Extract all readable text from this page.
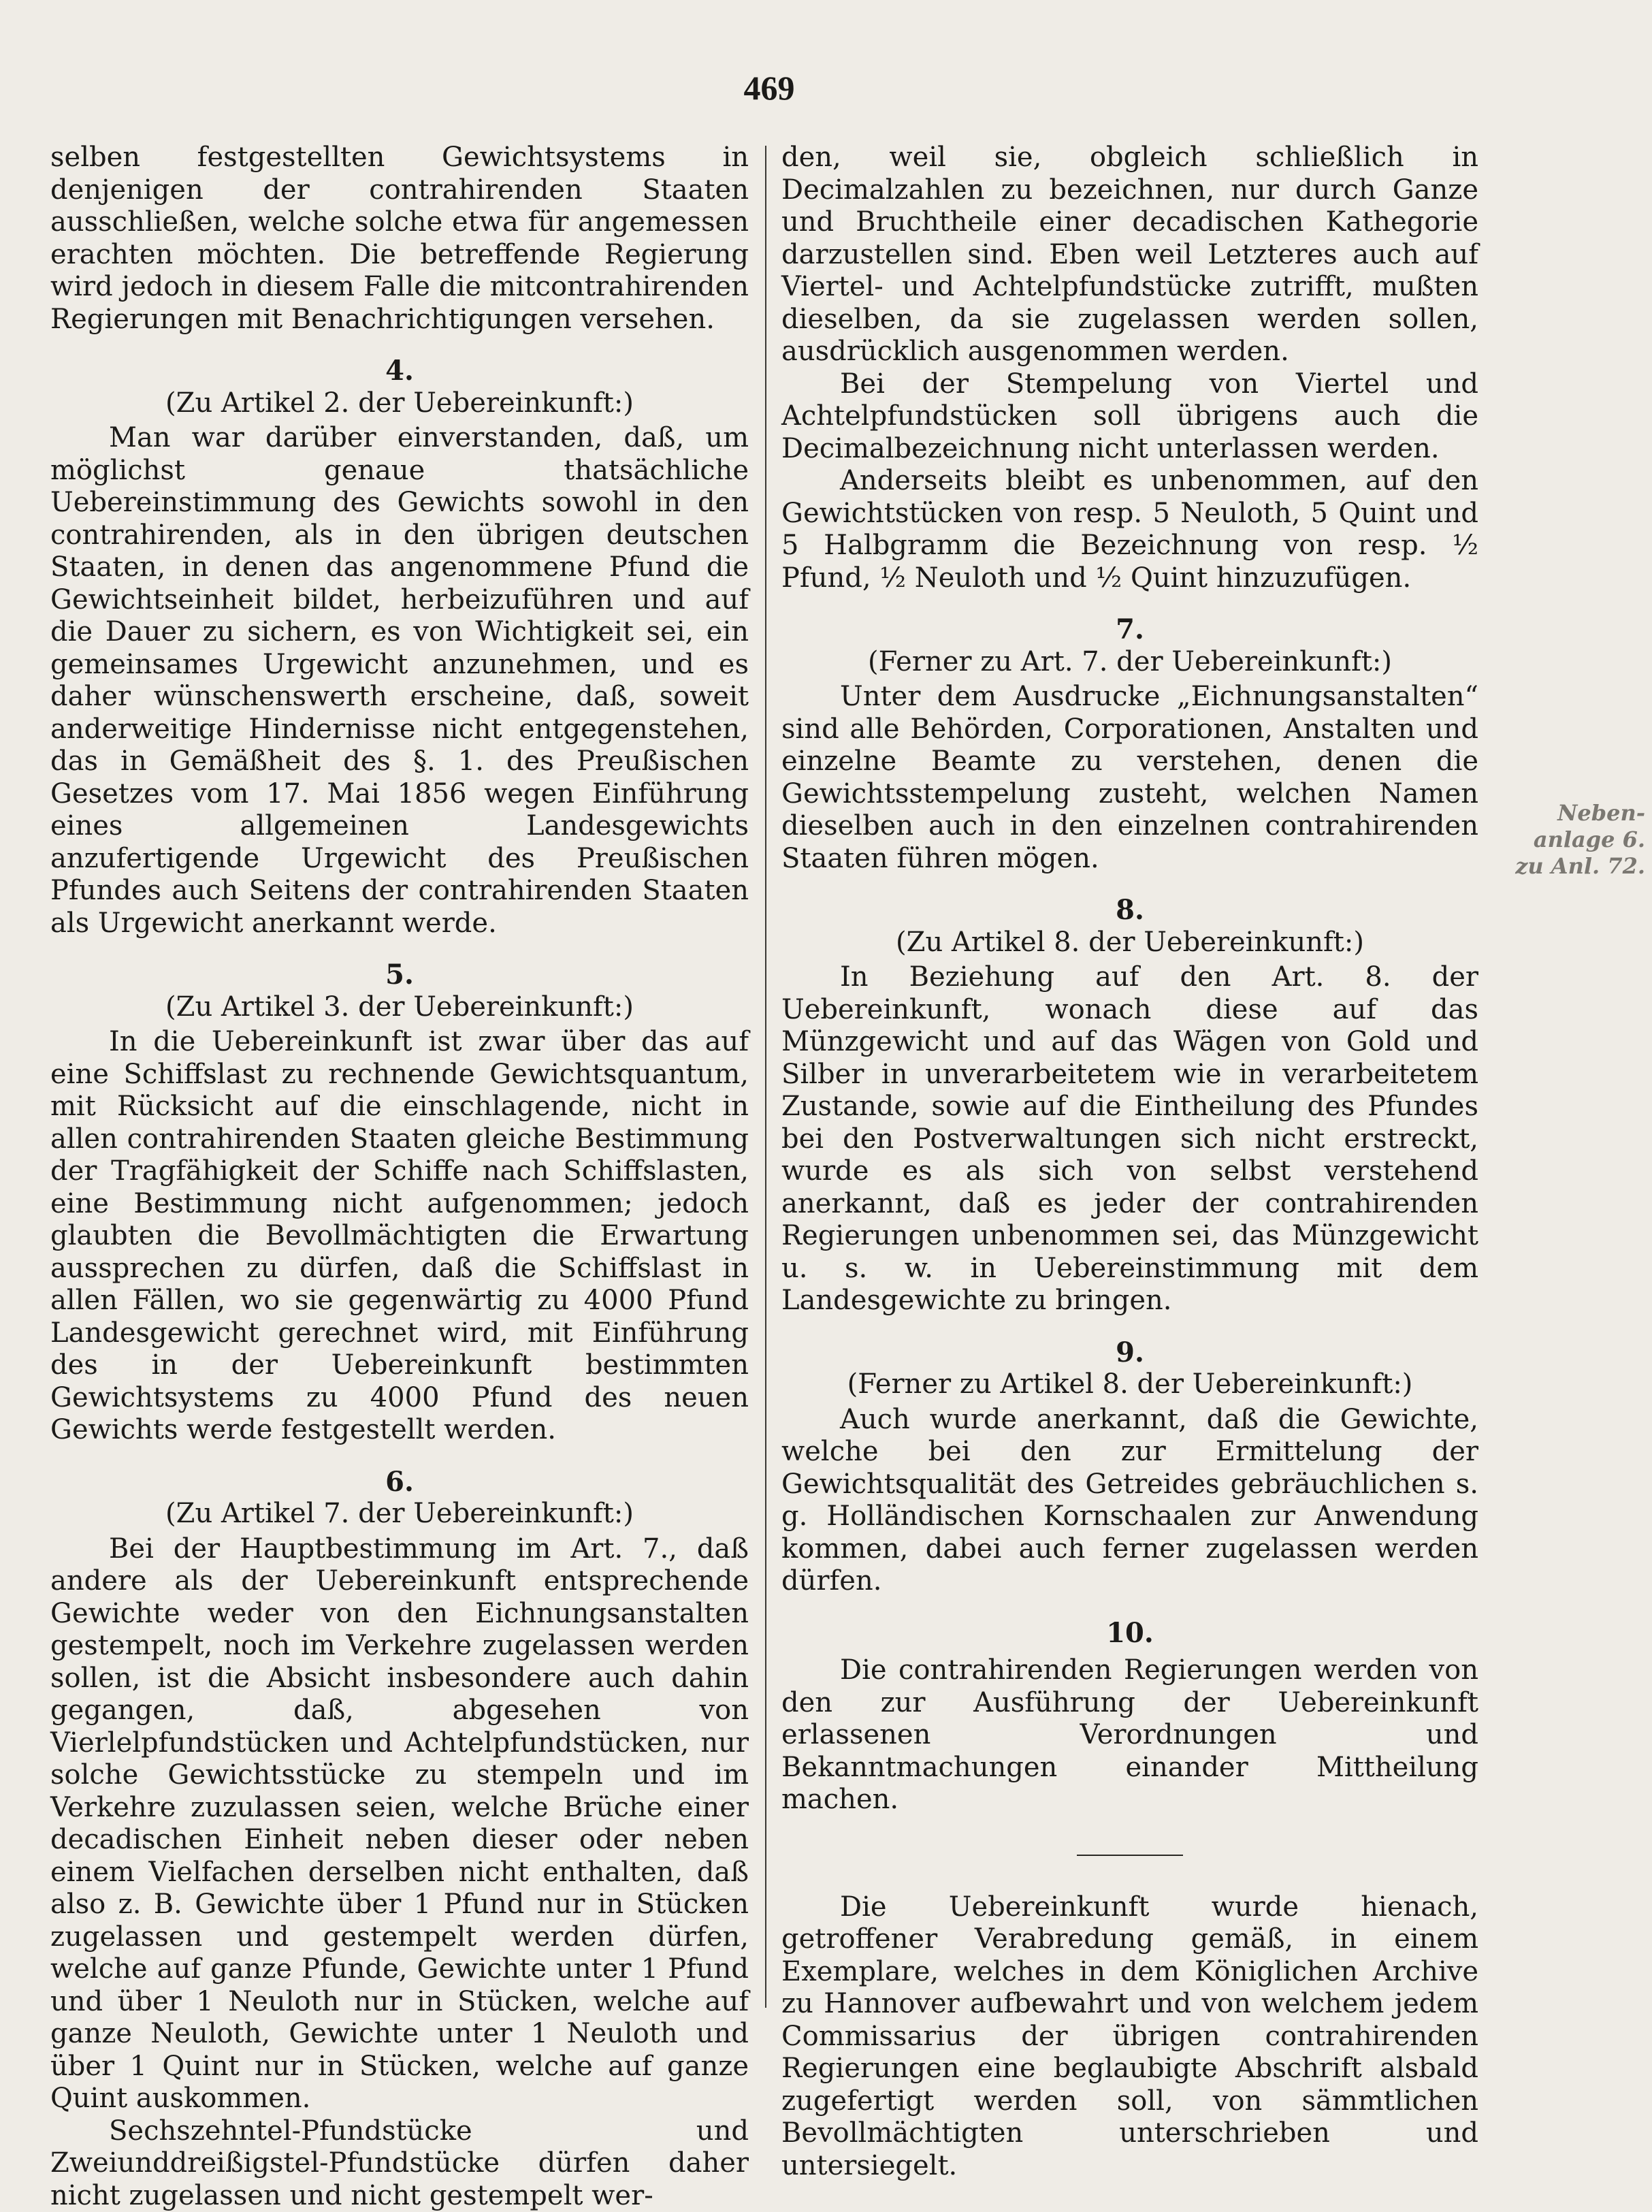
469

selben festgestellten Gewichtsystems in denjenigen der contrahirenden Staaten ausschließen, welche solche etwa für angemessen erachten möchten. Die betreffende Regierung wird jedoch in diesem Falle die mitcontrahirenden Regierungen mit Benachrichtigungen versehen.

4.

(Zu Artikel 2. der Uebereinkunft:)

Man war darüber einverstanden, daß, um möglichst genaue thatsächliche Uebereinstimmung des Gewichts sowohl in den contrahirenden, als in den übrigen deutschen Staaten, in denen das angenommene Pfund die Gewichtseinheit bildet, herbeizuführen und auf die Dauer zu sichern, es von Wichtigkeit sei, ein gemeinsames Urgewicht anzunehmen, und es daher wünschenswerth erscheine, daß, soweit anderweitige Hindernisse nicht entgegenstehen, das in Gemäßheit des §. 1. des Preußischen Gesetzes vom 17. Mai 1856 wegen Einführung eines allgemeinen Landesgewichts anzufertigende Urgewicht des Preußischen Pfundes auch Seitens der contrahirenden Staaten als Urgewicht anerkannt werde.

5.

(Zu Artikel 3. der Uebereinkunft:)

In die Uebereinkunft ist zwar über das auf eine Schiffslast zu rechnende Gewichtsquantum, mit Rücksicht auf die einschlagende, nicht in allen contrahirenden Staaten gleiche Bestimmung der Tragfähigkeit der Schiffe nach Schiffslasten, eine Bestimmung nicht aufgenommen; jedoch glaubten die Bevollmächtigten die Erwartung aussprechen zu dürfen, daß die Schiffslast in allen Fällen, wo sie gegenwärtig zu 4000 Pfund Landesgewicht gerechnet wird, mit Einführung des in der Uebereinkunft bestimmten Gewichtsystems zu 4000 Pfund des neuen Gewichts werde festgestellt werden.

6.

(Zu Artikel 7. der Uebereinkunft:)

Bei der Hauptbestimmung im Art. 7., daß andere als der Uebereinkunft entsprechende Gewichte weder von den Eichnungsanstalten gestempelt, noch im Verkehre zugelassen werden sollen, ist die Absicht insbesondere auch dahin gegangen, daß, abgesehen von Vierlelpfundstücken und Achtelpfundstücken, nur solche Gewichtsstücke zu stempeln und im Verkehre zuzulassen seien, welche Brüche einer decadischen Einheit neben dieser oder neben einem Vielfachen derselben nicht enthalten, daß also z. B. Gewichte über 1 Pfund nur in Stücken zugelassen und gestempelt werden dürfen, welche auf ganze Pfunde, Gewichte unter 1 Pfund und über 1 Neuloth nur in Stücken, welche auf ganze Neuloth, Gewichte unter 1 Neuloth und über 1 Quint nur in Stücken, welche auf ganze Quint auskommen.

Sechszehntel-Pfundstücke und Zweiunddreißigstel-Pfundstücke dürfen daher nicht zugelassen und nicht gestempelt wer-

den, weil sie, obgleich schließlich in Decimalzahlen zu bezeichnen, nur durch Ganze und Bruchtheile einer decadischen Kathegorie darzustellen sind. Eben weil Letzteres auch auf Viertel- und Achtelpfundstücke zutrifft, mußten dieselben, da sie zugelassen werden sollen, ausdrücklich ausgenommen werden.

Bei der Stempelung von Viertel und Achtelpfundstücken soll übrigens auch die Decimalbezeichnung nicht unterlassen werden.

Anderseits bleibt es unbenommen, auf den Gewichtstücken von resp. 5 Neuloth, 5 Quint und 5 Halbgramm die Bezeichnung von resp. ½ Pfund, ½ Neuloth und ½ Quint hinzuzufügen.

7.

(Ferner zu Art. 7. der Uebereinkunft:)

Unter dem Ausdrucke „Eichnungsanstalten“ sind alle Behörden, Corporationen, Anstalten und einzelne Beamte zu verstehen, denen die Gewichtsstempelung zusteht, welchen Namen dieselben auch in den einzelnen contrahirenden Staaten führen mögen.

8.

(Zu Artikel 8. der Uebereinkunft:)

In Beziehung auf den Art. 8. der Uebereinkunft, wonach diese auf das Münzgewicht und auf das Wägen von Gold und Silber in unverarbeitetem wie in verarbeitetem Zustande, sowie auf die Eintheilung des Pfundes bei den Postverwaltungen sich nicht erstreckt, wurde es als sich von selbst verstehend anerkannt, daß es jeder der contrahirenden Regierungen unbenommen sei, das Münzgewicht u. s. w. in Uebereinstimmung mit dem Landesgewichte zu bringen.

9.

(Ferner zu Artikel 8. der Uebereinkunft:)

Auch wurde anerkannt, daß die Gewichte, welche bei den zur Ermittelung der Gewichtsqualität des Getreides gebräuchlichen s. g. Holländischen Kornschaalen zur Anwendung kommen, dabei auch ferner zugelassen werden dürfen.

10.

Die contrahirenden Regierungen werden von den zur Ausführung der Uebereinkunft erlassenen Verordnungen und Bekanntmachungen einander Mittheilung machen.

Die Uebereinkunft wurde hienach, getroffener Verabredung gemäß, in einem Exemplare, welches in dem Königlichen Archive zu Hannover aufbewahrt und von welchem jedem Commissarius der übrigen contrahirenden Regierungen eine beglaubigte Abschrift alsbald zugefertigt werden soll, von sämmtlichen Bevollmächtigten unterschrieben und untersiegelt.

Neben-anlage 6. zu Anl. 72.
